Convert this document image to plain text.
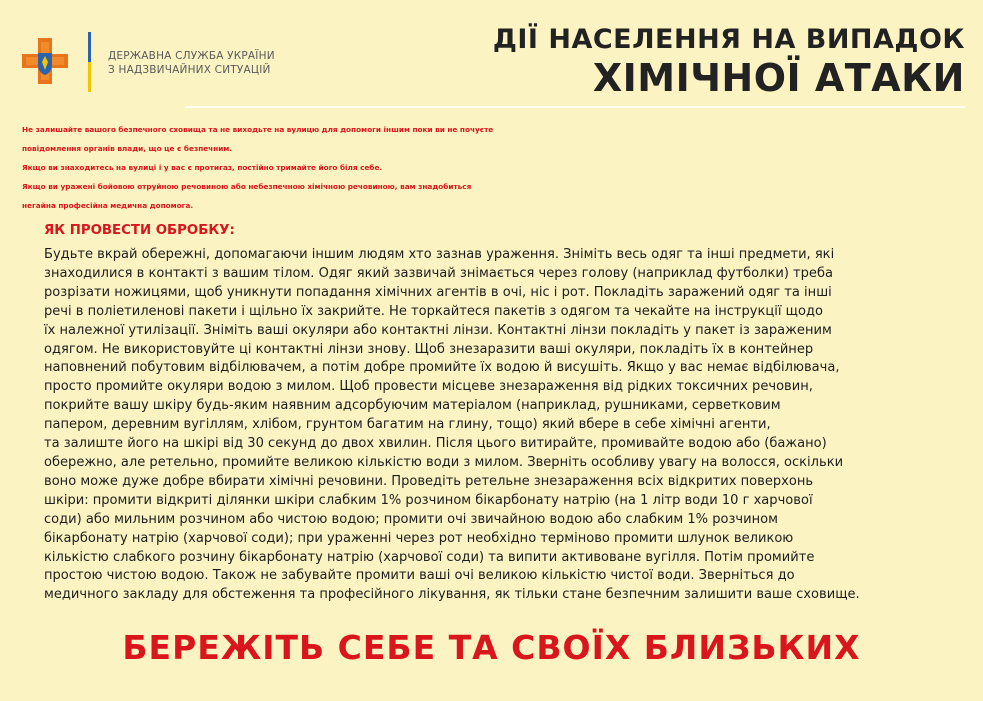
ДЕРЖАВНА СЛУЖБА УКРАЇНИ
З НАДЗВИЧАЙНИХ СИТУАЦІЙ
ДІЇ НАСЕЛЕННЯ НА ВИПАДОК
ХІМІЧНОЇ АТАКИ
Не залишайте вашого безпечного сховища та не виходьте на вулицю для допомоги іншим поки ви не почуєте
повідомлення органів влади, що це є безпечним.
Якщо ви знаходитесь на вулиці і у вас є протигаз, постійно тримайте його біля себе.
Якщо ви уражені бойовою отруйною речовиною або небезпечною хімічною речовиною, вам знадобиться
негайна професійна медична допомога.
ЯК ПРОВЕСТИ ОБРОБКУ:
Будьте вкрай обережні, допомагаючи іншим людям хто зазнав ураження. Зніміть весь одяг та інші предмети, які
знаходилися в контакті з вашим тілом. Одяг який зазвичай знімається через голову (наприклад футболки) треба
розрізати ножицями, щоб уникнути попадання хімічних агентів в очі, ніс і рот. Покладіть заражений одяг та інші
речі в поліетиленові пакети і щільно їх закрийте. Не торкайтеся пакетів з одягом та чекайте на інструкції щодо
їх належної утилізації. Зніміть ваші окуляри або контактні лінзи. Контактні лінзи покладіть у пакет із зараженим
одягом. Не використовуйте ці контактні лінзи знову. Щоб знезаразити ваші окуляри, покладіть їх в контейнер
наповнений побутовим відбілювачем, а потім добре промийте їх водою й висушіть. Якщо у вас немає відбілювача,
просто промийте окуляри водою з милом. Щоб провести місцеве знезараження від рідких токсичних речовин,
покрийте вашу шкіру будь-яким наявним адсорбуючим матеріалом (наприклад, рушниками, серветковим
папером, деревним вугіллям, хлібом, грунтом багатим на глину, тощо) який вбере в себе хімічні агенти,
та залиште його на шкірі від 30 секунд до двох хвилин. Після цього витирайте, промивайте водою або (бажано)
обережно, але ретельно, промийте великою кількістю води з милом. Зверніть особливу увагу на волосся, оскільки
воно може дуже добре вбирати хімічні речовини. Проведіть ретельне знезараження всіх відкритих поверхонь
шкіри: промити відкриті ділянки шкіри слабким 1% розчином бікарбонату натрію (на 1 літр води 10 г харчової
соди) або мильним розчином або чистою водою; промити очі звичайною водою або слабким 1% розчином
бікарбонату натрію (харчової соди); при ураженні через рот необхідно терміново промити шлунок великою
кількістю слабкого розчину бікарбонату натрію (харчової соди) та випити активоване вугілля. Потім промийте
простою чистою водою. Також не забувайте промити ваші очі великою кількістю чистої води. Зверніться до
медичного закладу для обстеження та професійного лікування, як тільки стане безпечним залишити ваше сховище.
БЕРЕЖІТЬ СЕБЕ ТА СВОЇХ БЛИЗЬКИХ
